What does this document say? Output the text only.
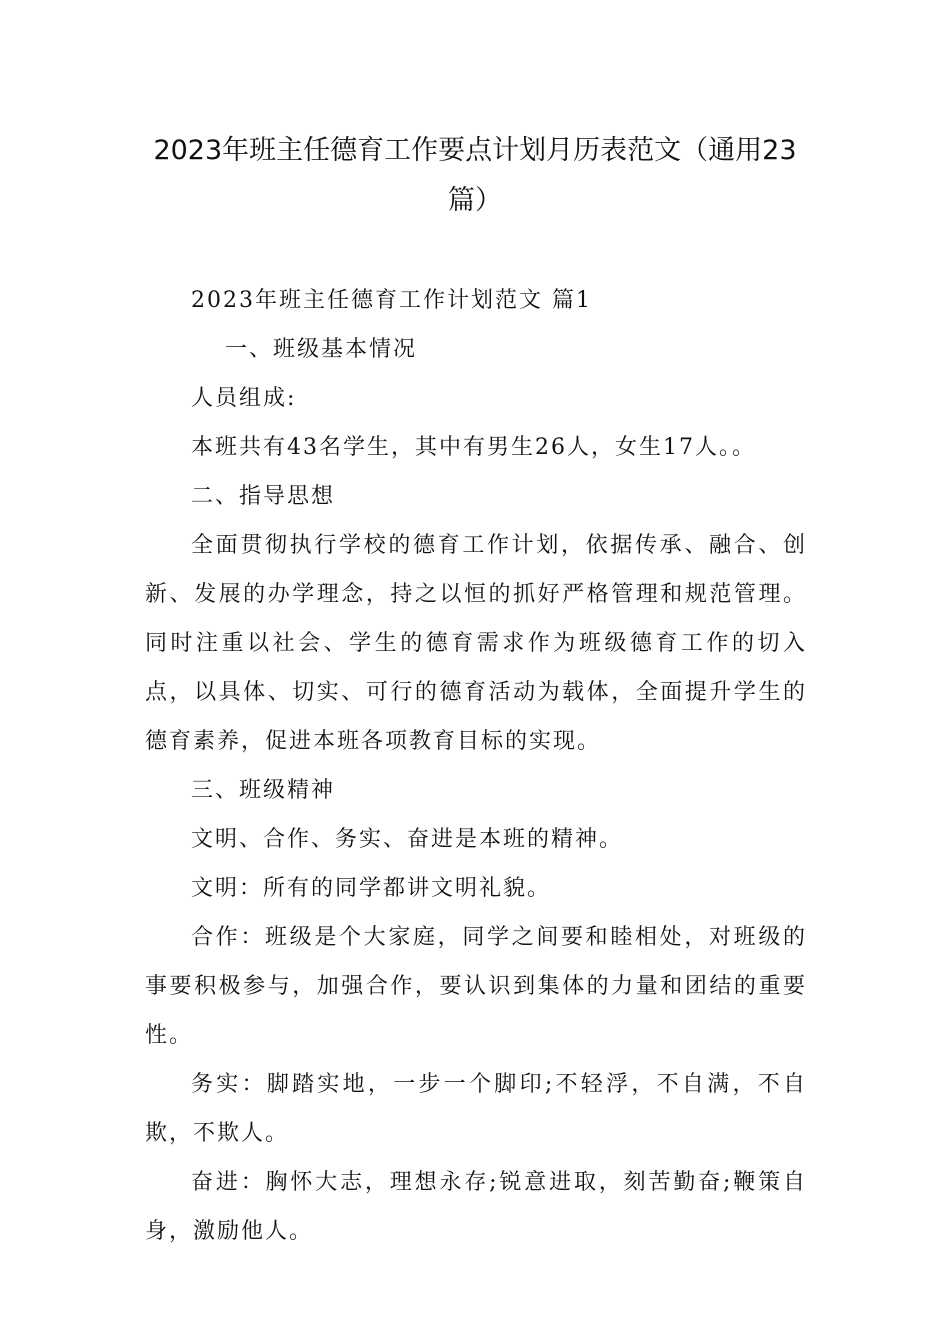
2023年班主任德育工作要点计划月历表范文（通用23篇）

2023年班主任德育工作计划范文 篇1

一、班级基本情况

人员组成:

本班共有43名学生，其中有男生26人，女生17人。。

二、指导思想

全面贯彻执行学校的德育工作计划，依据传承、融合、创新、发展的办学理念，持之以恒的抓好严格管理和规范管理。同时注重以社会、学生的德育需求作为班级德育工作的切入点，以具体、切实、可行的德育活动为载体，全面提升学生的德育素养，促进本班各项教育目标的实现。

三、班级精神

文明、合作、务实、奋进是本班的精神。

文明：所有的同学都讲文明礼貌。

合作：班级是个大家庭，同学之间要和睦相处，对班级的事要积极参与，加强合作，要认识到集体的力量和团结的重要性。

务实：脚踏实地，一步一个脚印;不轻浮，不自满，不自欺，不欺人。

奋进：胸怀大志，理想永存;锐意进取，刻苦勤奋;鞭策自身，激励他人。
